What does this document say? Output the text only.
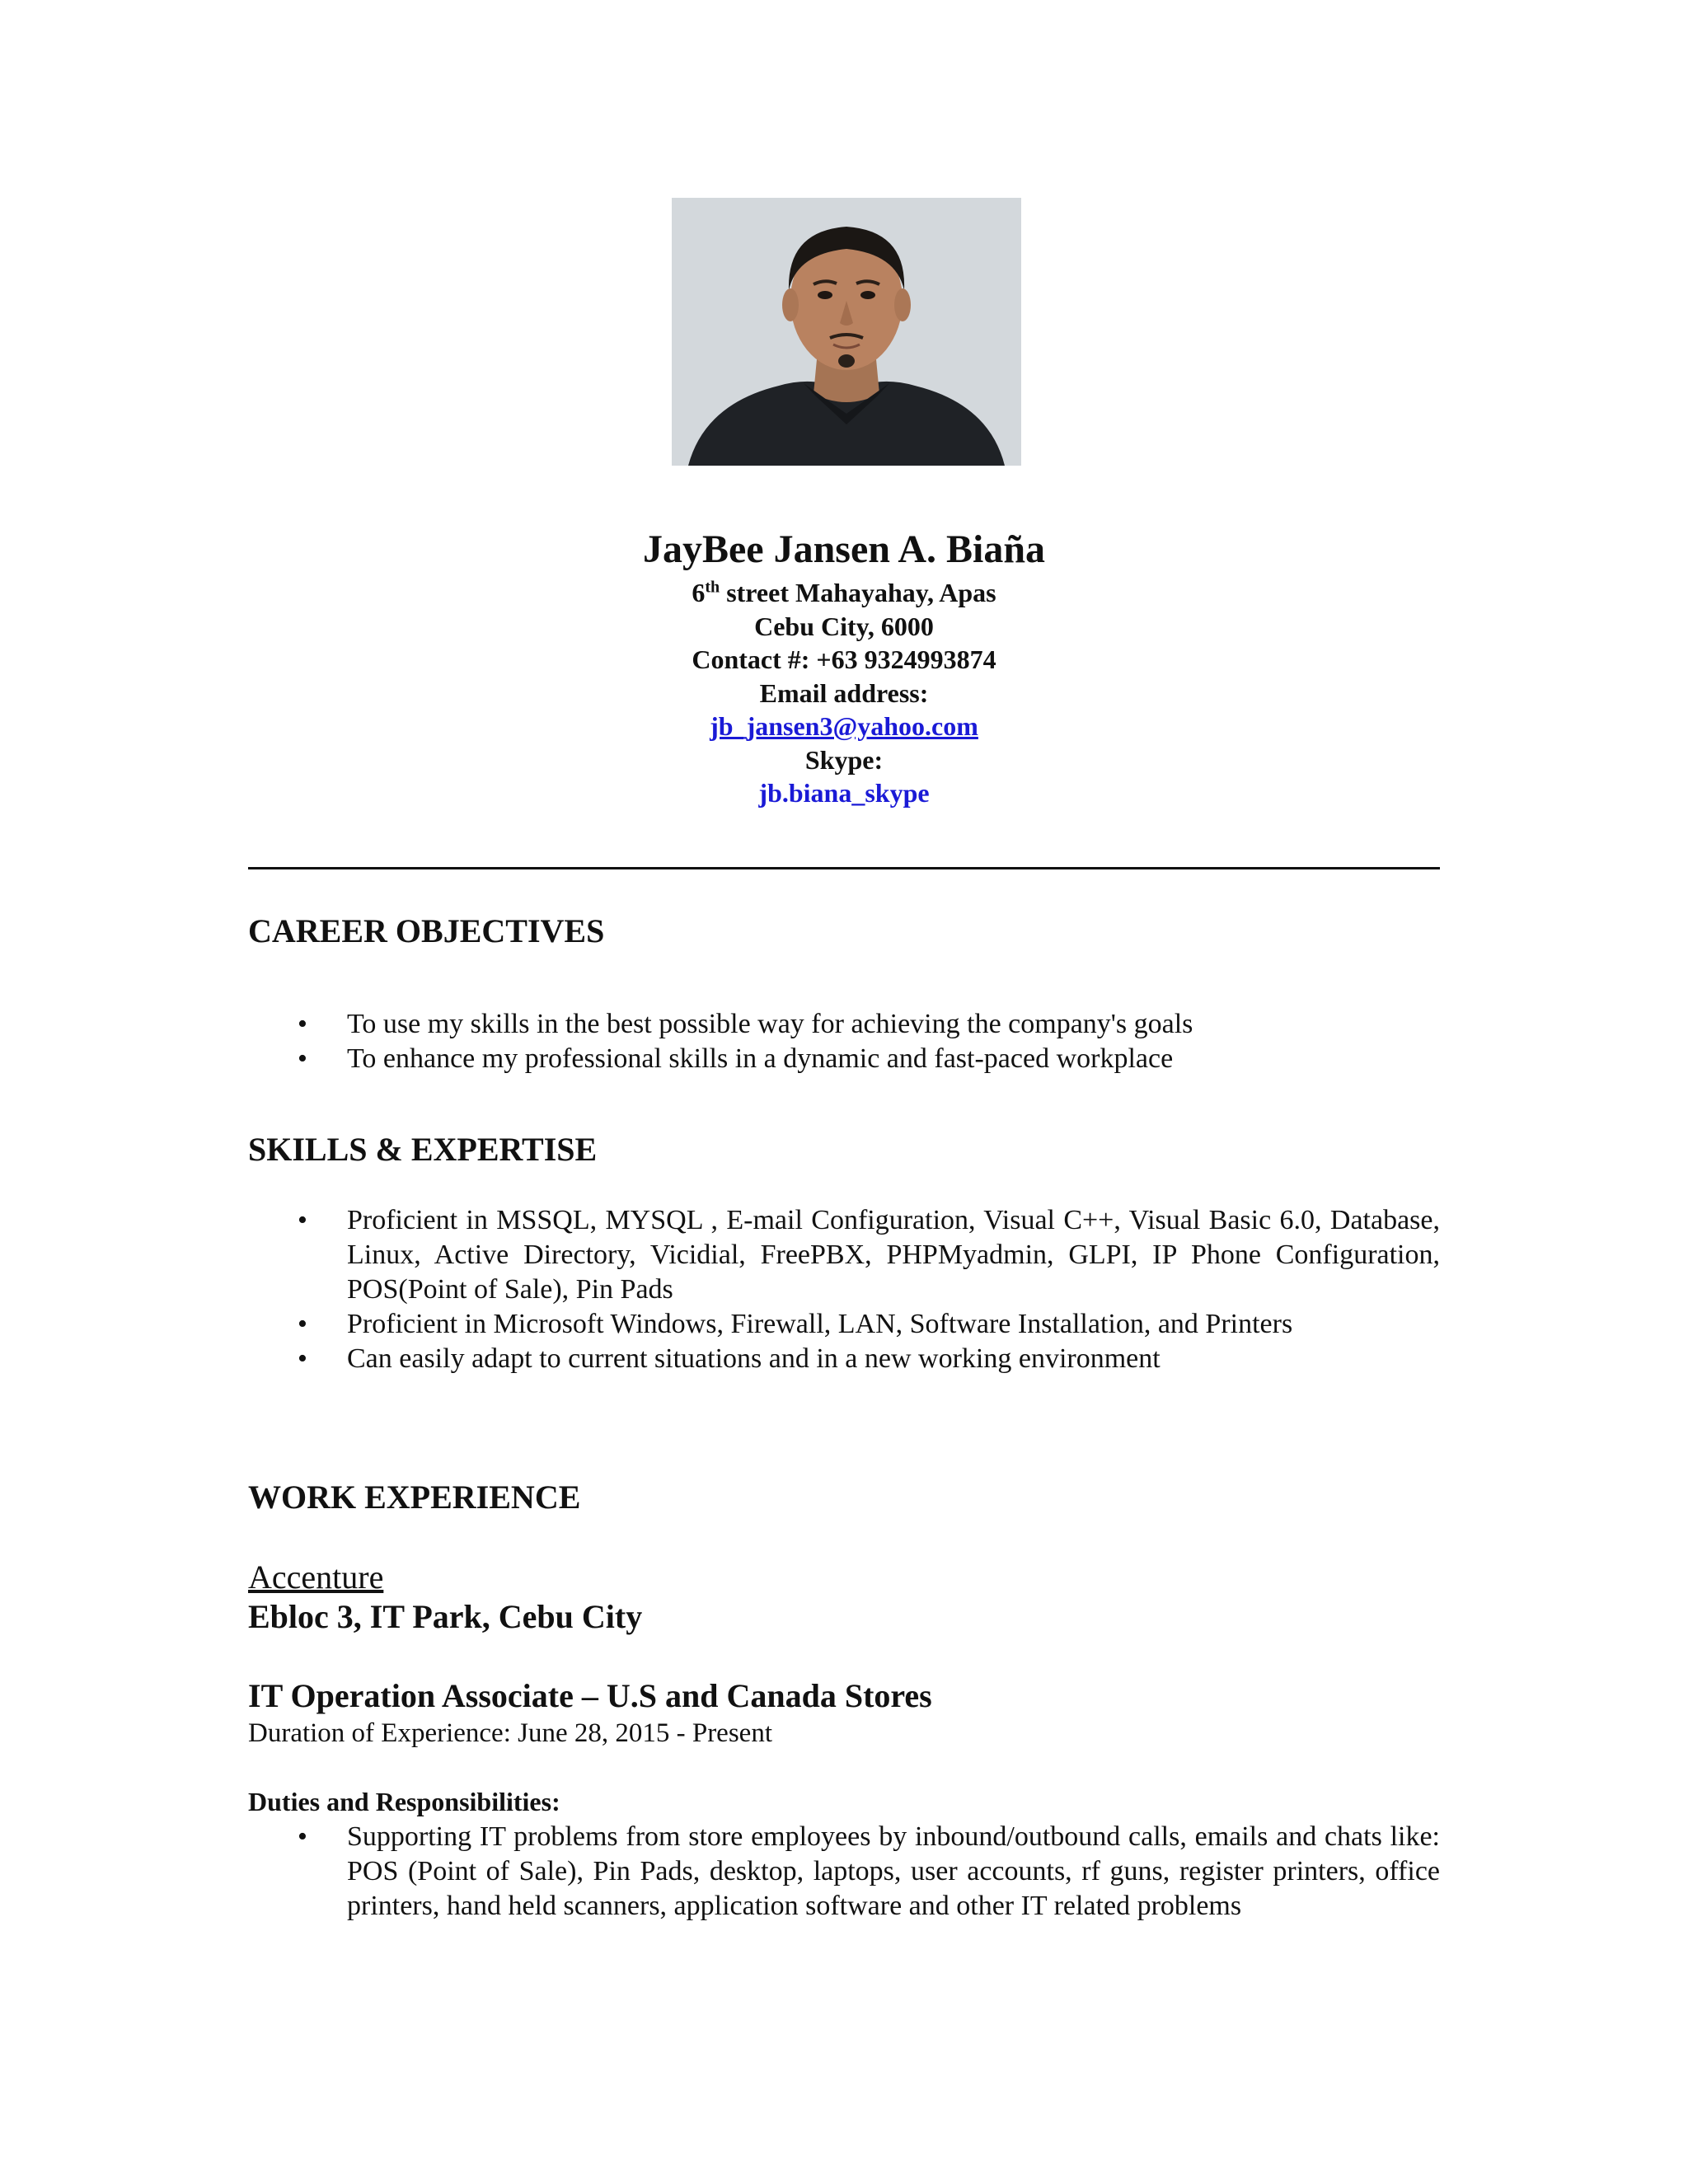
JayBee Jansen A. Biaña
6th street Mahayahay, Apas
Cebu City, 6000
Contact #: +63 9324993874
Email address:
jb_jansen3@yahoo.com
Skype:
jb.biana_skype
CAREER OBJECTIVES
• To use my skills in the best possible way for achieving the company's goals
• To enhance my professional skills in a dynamic and fast-paced workplace
SKILLS & EXPERTISE
• Proficient in MSSQL, MYSQL , E-mail Configuration, Visual C++, Visual Basic 6.0, Database, Linux, Active Directory, Vicidial, FreePBX, PHPMyadmin, GLPI, IP Phone Configuration, POS(Point of Sale), Pin Pads
• Proficient in Microsoft Windows, Firewall, LAN, Software Installation, and Printers
• Can easily adapt to current situations and in a new working environment
WORK EXPERIENCE
Accenture
Ebloc 3, IT Park, Cebu City
IT Operation Associate – U.S and Canada Stores
Duration of Experience: June 28, 2015 - Present
Duties and Responsibilities:
• Supporting IT problems from store employees by inbound/outbound calls, emails and chats like: POS (Point of Sale), Pin Pads, desktop, laptops, user accounts, rf guns, register printers, office printers, hand held scanners, application software and other IT related problems
